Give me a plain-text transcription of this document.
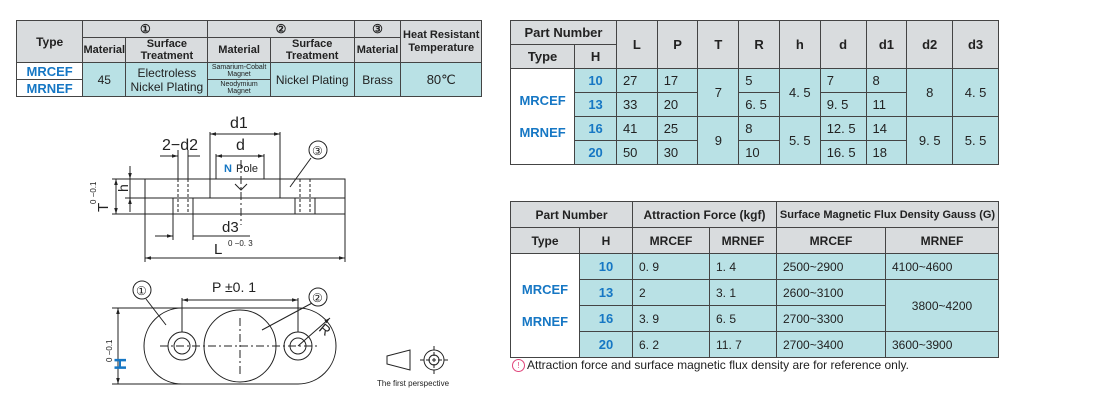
Type	①		②		③	Heat Resistant Temperature
	Material	Surface Treatment	Material	Surface Treatment	Material	
MRCEF	45	Electroless Nickel Plating	Samarium-Cobalt Magnet	Nickel Plating	Brass	80℃
MRNEF			Neodymium Magnet			
d1
d
2−d2
N Pole
③
h
T
0 −0.1
d3
L 0 −0. 3
①	②
P ±0. 1
R
H
0 −0.1
The first perspective
Part Number		L	P	T	R	h	d	d1	d2	d3
Type	H									
MRCEF
MRNEF	10	27	17	7	5	4. 5	7	8	8	4. 5
	13	33	20		6. 5		9. 5	11		
	16	41	25	9	8	5. 5	12. 5	14	9. 5	5. 5
	20	50	30		10		16. 5	18		
Part Number		Attraction Force (kgf)		Surface Magnetic Flux Density Gauss (G)	
Type	H	MRCEF	MRNEF	MRCEF	MRNEF
MRCEF
MRNEF	10	0. 9	1. 4	2500~2900	4100~4600
	13	2	3. 1	2600~3100	3800~4200
	16	3. 9	6. 5	2700~3300	
	20	6. 2	11. 7	2700~3400	3600~3900
! Attraction force and surface magnetic flux density are for reference only.
